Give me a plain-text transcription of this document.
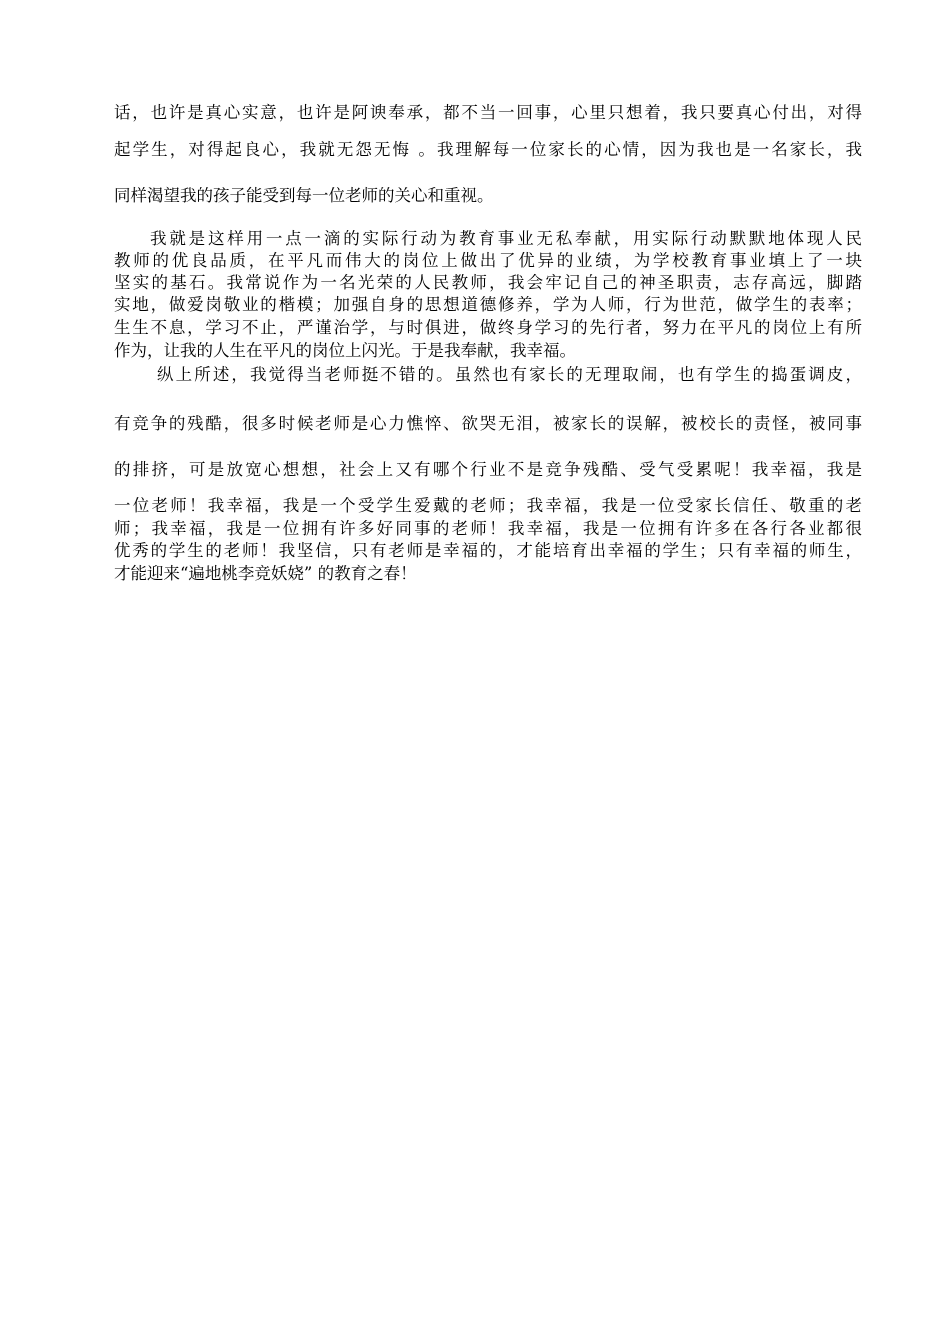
话，也许是真心实意，也许是阿谀奉承，都不当一回事，心里只想着，我只要真心付出，对得
起学生，对得起良心，我就无怨无悔 。我理解每一位家长的心情，因为我也是一名家长，我
同样渴望我的孩子能受到每一位老师的关心和重视。
我就是这样用一点一滴的实际行动为教育事业无私奉献，用实际行动默默地体现人民
教师的优良品质，在平凡而伟大的岗位上做出了优异的业绩，为学校教育事业填上了一块
坚实的基石。我常说作为一名光荣的人民教师，我会牢记自己的神圣职责，志存高远，脚踏
实地，做爱岗敬业的楷模；加强自身的思想道德修养，学为人师，行为世范，做学生的表率；
生生不息，学习不止，严谨治学，与时俱进，做终身学习的先行者，努力在平凡的岗位上有所
作为，让我的人生在平凡的岗位上闪光。于是我奉献，我幸福。
纵上所述，我觉得当老师挺不错的。虽然也有家长的无理取闹，也有学生的捣蛋调皮，
有竞争的残酷，很多时候老师是心力憔悴、欲哭无泪，被家长的误解，被校长的责怪，被同事
的排挤，可是放宽心想想，社会上又有哪个行业不是竞争残酷、受气受累呢！我幸福，我是
一位老师！我幸福，我是一个受学生爱戴的老师；我幸福，我是一位受家长信任、敬重的老
师；我幸福，我是一位拥有许多好同事的老师！我幸福，我是一位拥有许多在各行各业都很
优秀的学生的老师！我坚信，只有老师是幸福的，才能培育出幸福的学生；只有幸福的师生，
才能迎来“遍地桃李竞妖娆” 的教育之春！
